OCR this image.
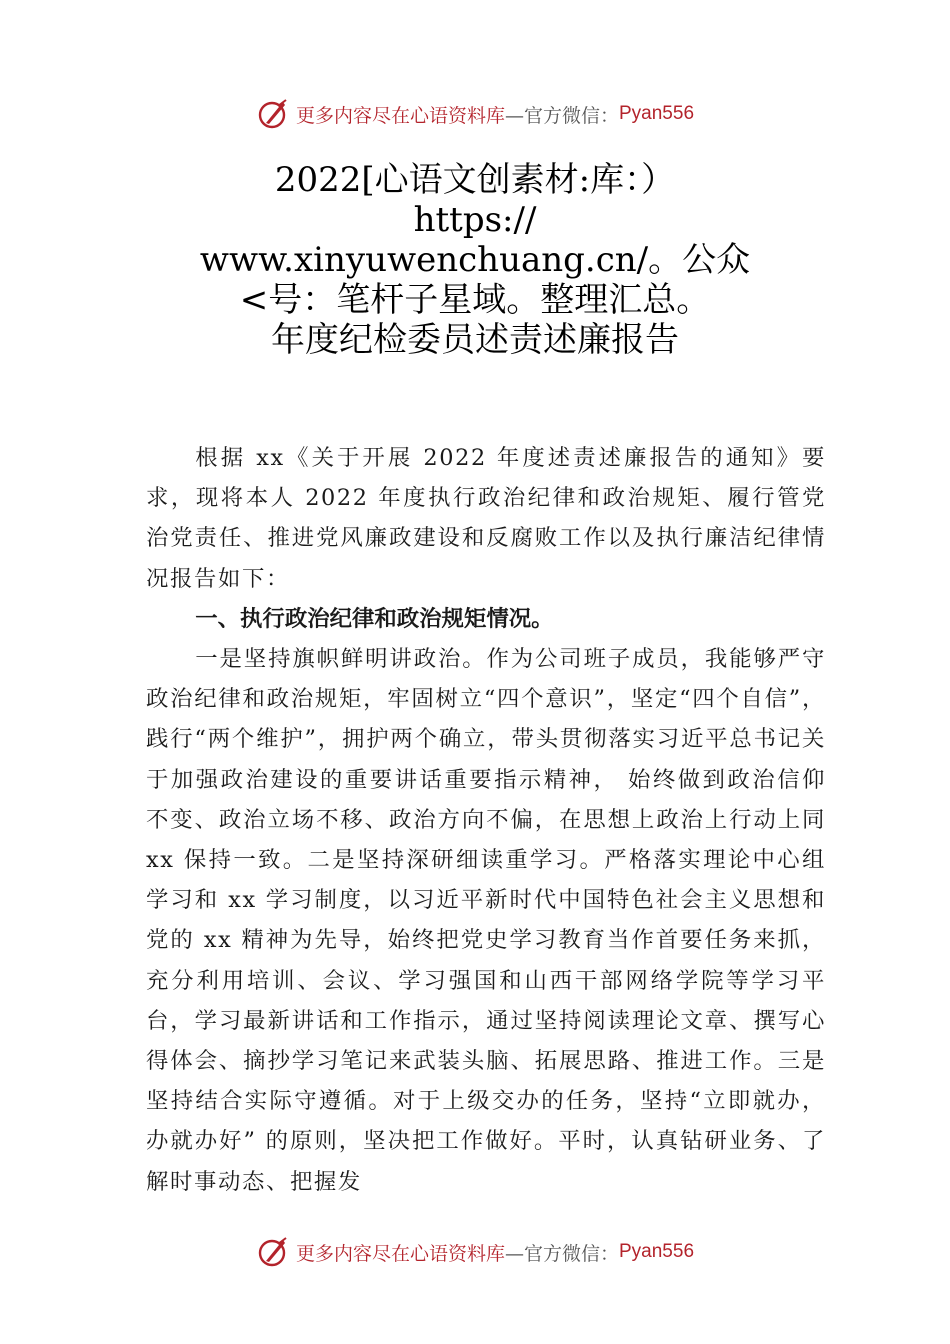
更多内容尽在心语资料库 —官方微信： Pyan556
2022[心语文创素材:库：）
https://
www.xinyuwenchuang.cn/。公众
<号：笔杆子星域。整理汇总。
年度纪检委员述责述廉报告

根据 xx《关于开展 2022 年度述责述廉报告的通知》要求，现将本人 2022 年度执行政治纪律和政治规矩、履行管党治党责任、推进党风廉政建设和反腐败工作以及执行廉洁纪律情况报告如下：

一、执行政治纪律和政治规矩情况。

一是坚持旗帜鲜明讲政治。作为公司班子成员，我能够严守政治纪律和政治规矩，牢固树立“四个意识”，坚定“四个自信”，践行“两个维护”，拥护两个确立，带头贯彻落实习近平总书记关于加强政治建设的重要讲话重要指示精神， 始终做到政治信仰不变、政治立场不移、政治方向不偏，在思想上政治上行动上同 xx 保持一致。二是坚持深研细读重学习。严格落实理论中心组学习和 xx 学习制度，以习近平新时代中国特色社会主义思想和党的 xx 精神为先导，始终把党史学习教育当作首要任务来抓，充分利用培训、会议、学习强国和山西干部网络学院等学习平台，学习最新讲话和工作指示，通过坚持阅读理论文章、撰写心得体会、摘抄学习笔记来武装头脑、拓展思路、推进工作。三是坚持结合实际守遵循。对于上级交办的任务，坚持“立即就办，办就办好” 的原则，坚决把工作做好。平时，认真钻研业务、了解时事动态、把握发

更多内容尽在心语资料库 —官方微信： Pyan556
